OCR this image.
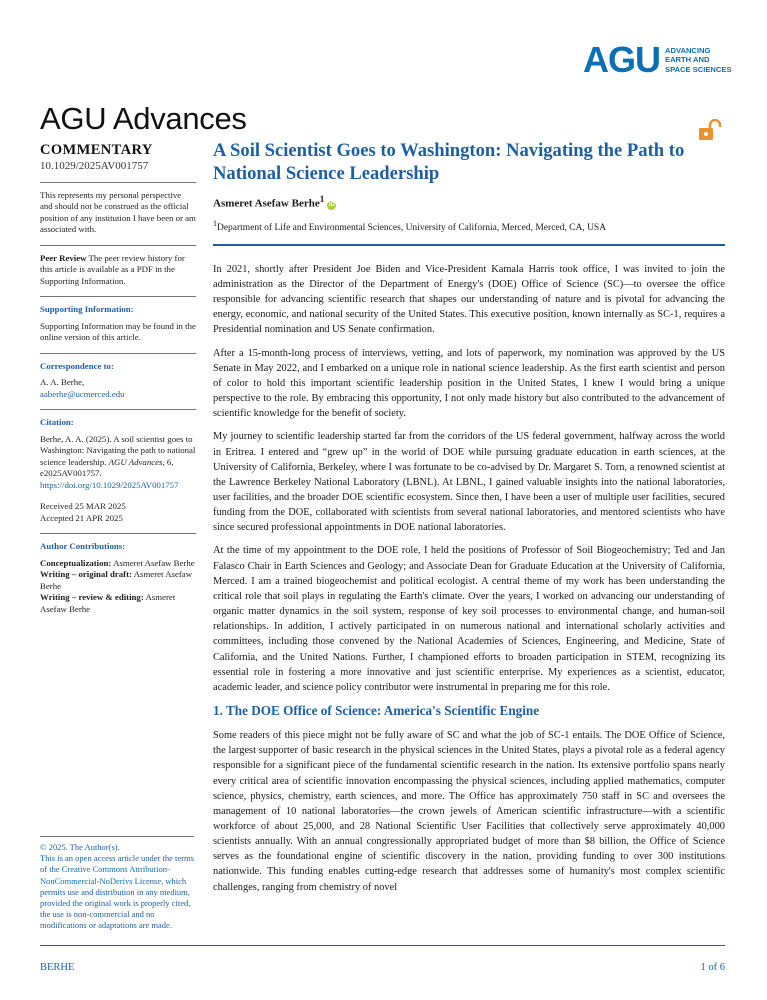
AGU ADVANCING
EARTH AND
SPACE SCIENCES
AGU Advances
COMMENTARY
10.1029/2025AV001757

This represents my personal perspective and should not be construed as the official position of any institution I have been or am associated with.

Peer Review The peer review history for this article is available as a PDF in the Supporting Information.

Supporting Information:

Supporting Information may be found in the online version of this article.

Correspondence to:

A. A. Berhe,

aaberhe@ucmerced.edu

Citation:

Berhe, A. A. (2025). A soil scientist goes to Washington: Navigating the path to national science leadership. AGU Advances, 6, e2025AV001757. https://doi.org/10.1029/2025AV001757

Received 25 MAR 2025

Accepted 21 APR 2025

Author Contributions:

Conceptualization: Asmeret Asefaw Berhe

Writing – original draft: Asmeret Asefaw Berhe

Writing – review & editing: Asmeret Asefaw Berhe

© 2025. The Author(s).

This is an open access article under the terms of the Creative Commons Attribution-NonCommercial-NoDerivs License, which permits use and distribution in any medium, provided the original work is properly cited, the use is non-commercial and no modifications or adaptations are made.

A Soil Scientist Goes to Washington: Navigating the Path to National Science Leadership
Asmeret Asefaw Berhe$^1$iD
$^1$Department of Life and Environmental Sciences, University of California, Merced, Merced, CA, USA

In 2021, shortly after President Joe Biden and Vice-President Kamala Harris took office, I was invited to join the administration as the Director of the Department of Energy's (DOE) Office of Science (SC)—to oversee the office responsible for advancing scientific research that shapes our understanding of nature and is pivotal for advancing the energy, economic, and national security of the United States. This executive position, known internally as SC-1, requires a Presidential nomination and US Senate confirmation.

After a 15-month-long process of interviews, vetting, and lots of paperwork, my nomination was approved by the US Senate in May 2022, and I embarked on a unique role in national science leadership. As the first earth scientist and person of color to hold this important scientific leadership position in the United States, I knew I would bring a unique perspective to the role. By embracing this opportunity, I not only made history but also contributed to the advancement of scientific knowledge for the benefit of society.

My journey to scientific leadership started far from the corridors of the US federal government, halfway across the world in Eritrea. I entered and “grew up” in the world of DOE while pursuing graduate education in earth sciences, at the University of California, Berkeley, where I was fortunate to be co-advised by Dr. Margaret S. Torn, a renowned scientist at the Lawrence Berkeley National Laboratory (LBNL). At LBNL, I gained valuable insights into the national laboratories, user facilities, and the broader DOE scientific ecosystem. Since then, I have been a user of multiple user facilities, secured funding from the DOE, collaborated with scientists from several national laboratories, and mentored scientists who have since secured professional appointments in DOE national laboratories.

At the time of my appointment to the DOE role, I held the positions of Professor of Soil Biogeochemistry; Ted and Jan Falasco Chair in Earth Sciences and Geology; and Associate Dean for Graduate Education at the University of California, Merced. I am a trained biogeochemist and political ecologist. A central theme of my work has been understanding the critical role that soil plays in regulating the Earth's climate. Over the years, I worked on advancing our understanding of organic matter dynamics in the soil system, response of key soil processes to environmental change, and human-soil relationships. In addition, I actively participated in on numerous national and international scholarly activities and committees, including those convened by the National Academies of Sciences, Engineering, and Medicine, State of California, and the United Nations. Further, I championed efforts to broaden participation in STEM, recognizing its essential role in fostering a more innovative and just scientific enterprise. My experiences as a scientist, educator, academic leader, and science policy contributor were instrumental in preparing me for this role.

1. The DOE Office of Science: America's Scientific Engine

Some readers of this piece might not be fully aware of SC and what the job of SC-1 entails. The DOE Office of Science, the largest supporter of basic research in the physical sciences in the United States, plays a pivotal role as a federal agency responsible for a significant piece of the fundamental scientific research in the nation. Its extensive portfolio spans nearly every critical area of scientific innovation encompassing the physical sciences, including applied mathematics, computer science, physics, chemistry, earth sciences, and more. The Office has approximately 750 staff in SC and oversees the management of 10 national laboratories—the crown jewels of American scientific infrastructure—with a scientific workforce of about 25,000, and 28 National Scientific User Facilities that collectively serve approximately 40,000 scientists annually. With an annual congressionally appropriated budget of more than $8 billion, the Office of Science serves as the foundational engine of scientific discovery in the nation, providing funding to over 300 institutions nationwide. This funding enables cutting-edge research that addresses some of humanity's most complex scientific challenges, ranging from chemistry of novel

BERHE	1 of 6
